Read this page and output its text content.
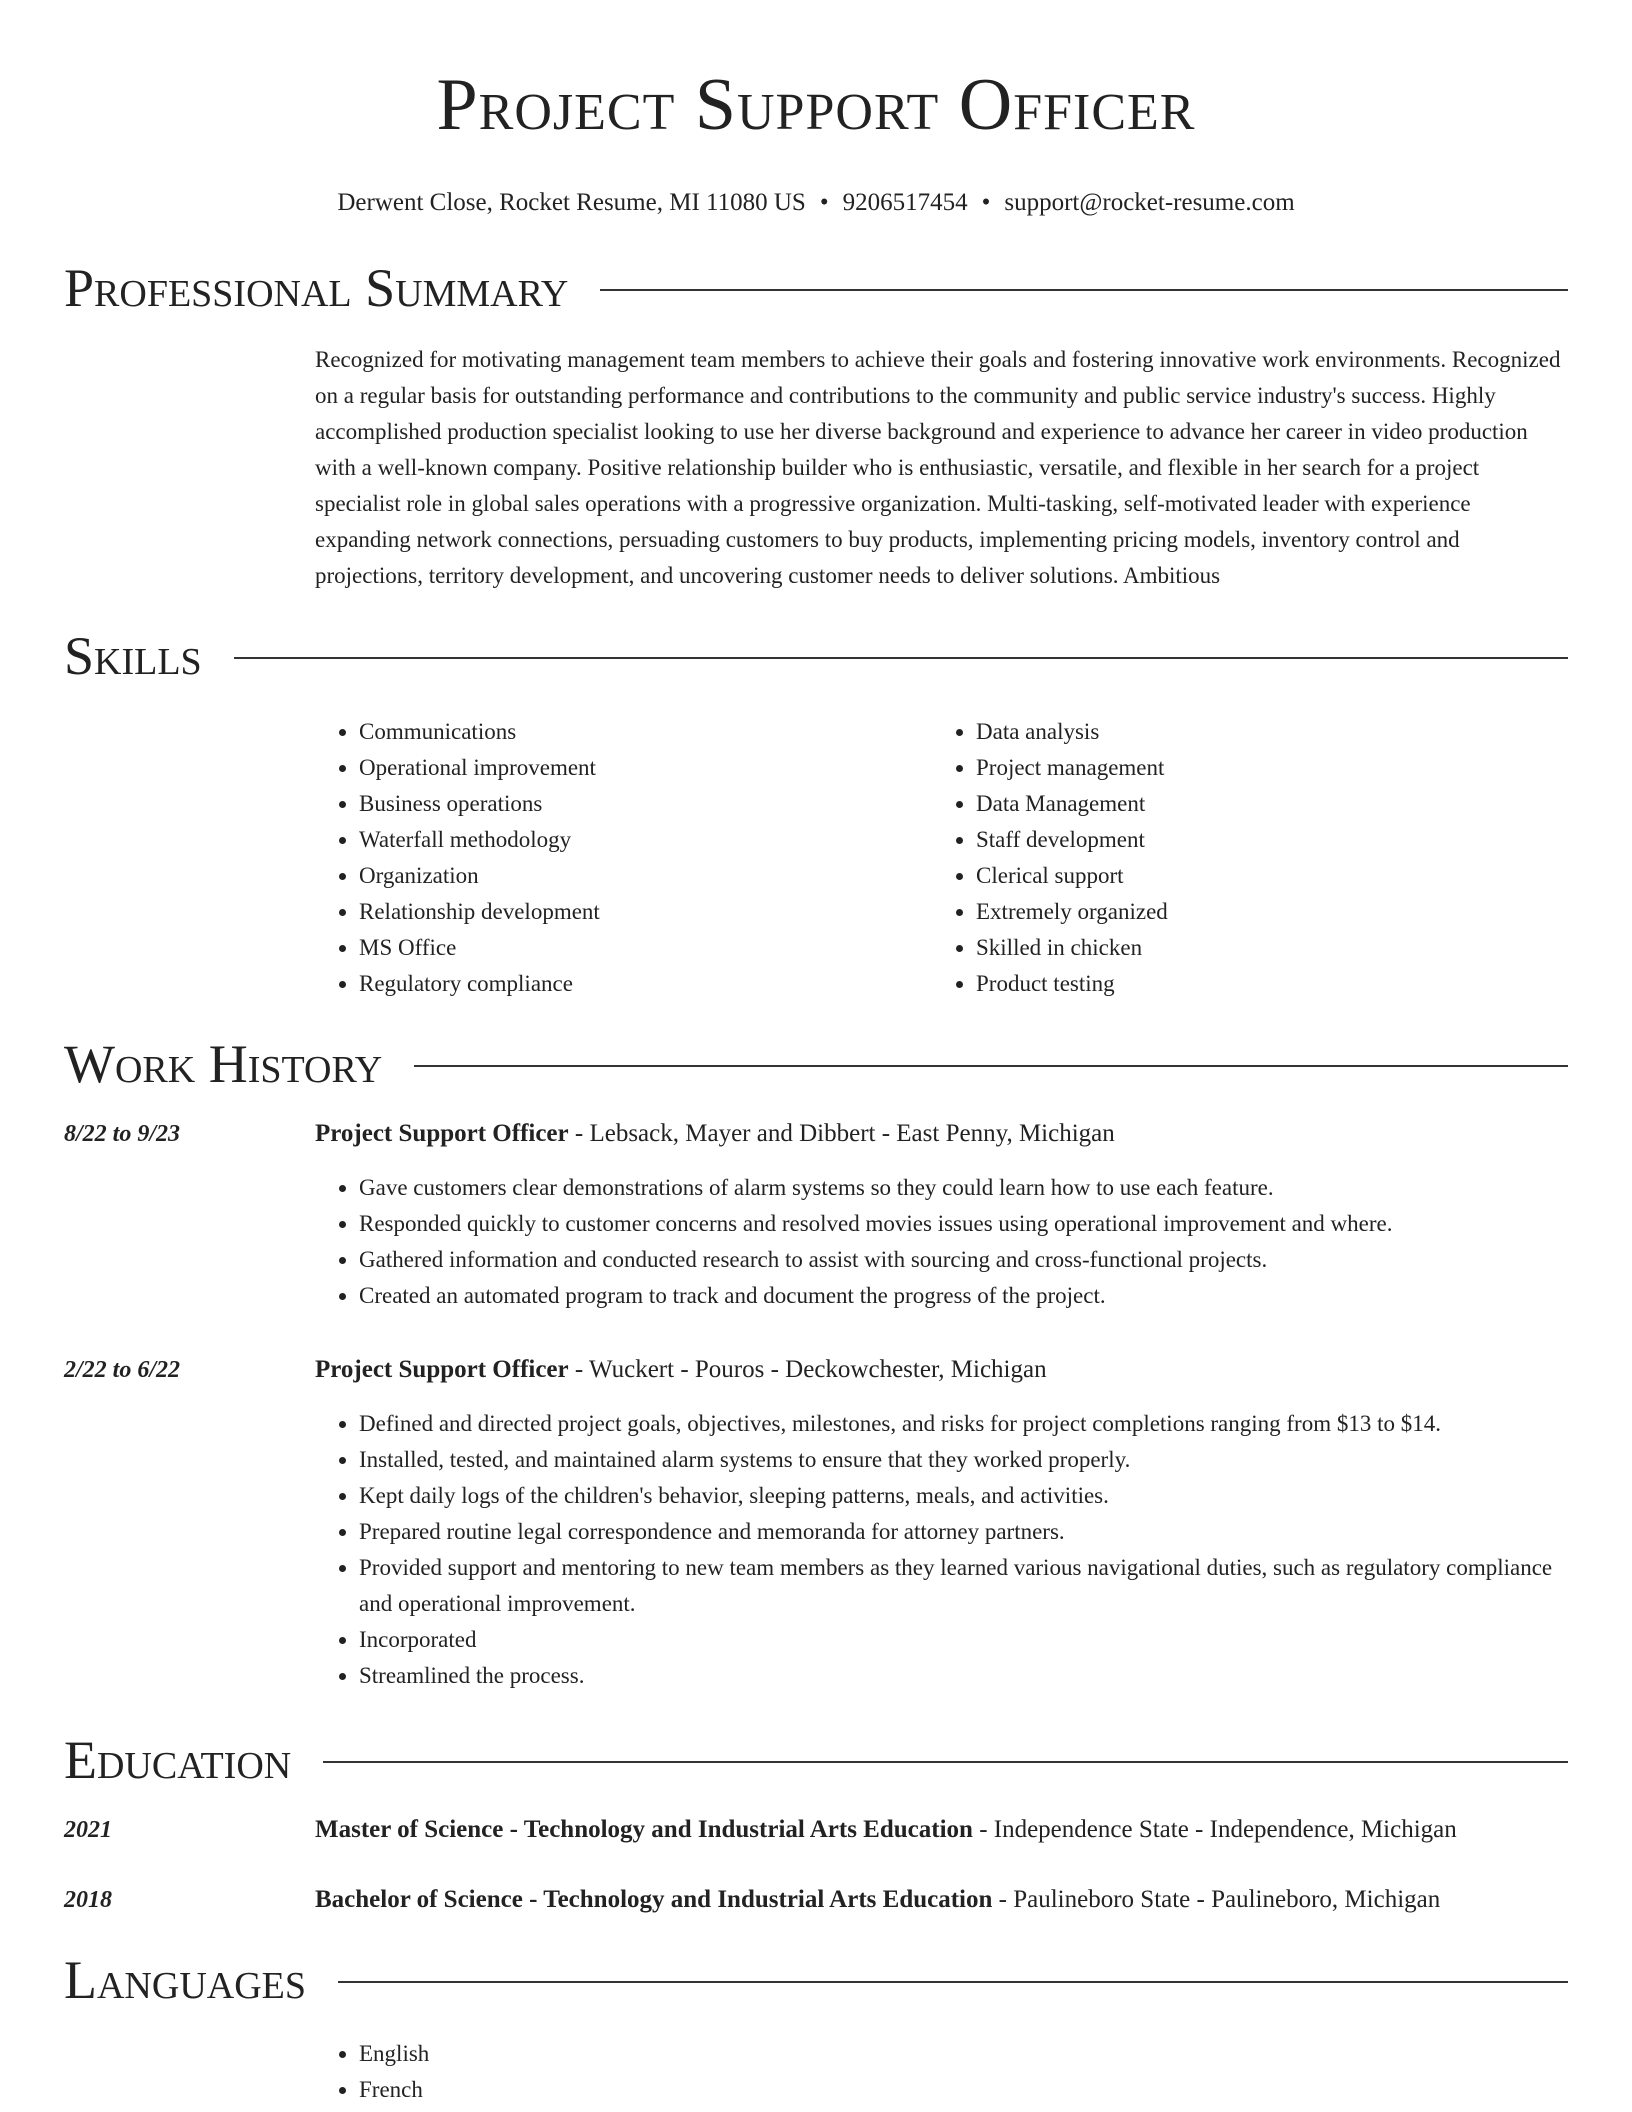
Project Support Officer
Derwent Close, Rocket Resume, MI 11080 US • 9206517454 • support@rocket-resume.com
Professional Summary
Recognized for motivating management team members to achieve their goals and fostering innovative work environments. Recognized on a regular basis for outstanding performance and contributions to the community and public service industry's success. Highly accomplished production specialist looking to use her diverse background and experience to advance her career in video production with a well-known company. Positive relationship builder who is enthusiastic, versatile, and flexible in her search for a project specialist role in global sales operations with a progressive organization. Multi-tasking, self-motivated leader with experience expanding network connections, persuading customers to buy products, implementing pricing models, inventory control and projections, territory development, and uncovering customer needs to deliver solutions. Ambitious
Skills
• Communications
• Operational improvement
• Business operations
• Waterfall methodology
• Organization
• Relationship development
• MS Office
• Regulatory compliance
• Data analysis
• Project management
• Data Management
• Staff development
• Clerical support
• Extremely organized
• Skilled in chicken
• Product testing
Work History
8/22 to 9/23	Project Support Officer - Lebsack, Mayer and Dibbert - East Penny, Michigan
• Gave customers clear demonstrations of alarm systems so they could learn how to use each feature.
• Responded quickly to customer concerns and resolved movies issues using operational improvement and where.
• Gathered information and conducted research to assist with sourcing and cross-functional projects.
• Created an automated program to track and document the progress of the project.
2/22 to 6/22	Project Support Officer - Wuckert - Pouros - Deckowchester, Michigan
• Defined and directed project goals, objectives, milestones, and risks for project completions ranging from $13 to $14.
• Installed, tested, and maintained alarm systems to ensure that they worked properly.
• Kept daily logs of the children's behavior, sleeping patterns, meals, and activities.
• Prepared routine legal correspondence and memoranda for attorney partners.
• Provided support and mentoring to new team members as they learned various navigational duties, such as regulatory compliance and operational improvement.
• Incorporated
• Streamlined the process.
Education
2021	Master of Science - Technology and Industrial Arts Education - Independence State - Independence, Michigan
2018	Bachelor of Science - Technology and Industrial Arts Education - Paulineboro State - Paulineboro, Michigan
Languages
• English
• French
